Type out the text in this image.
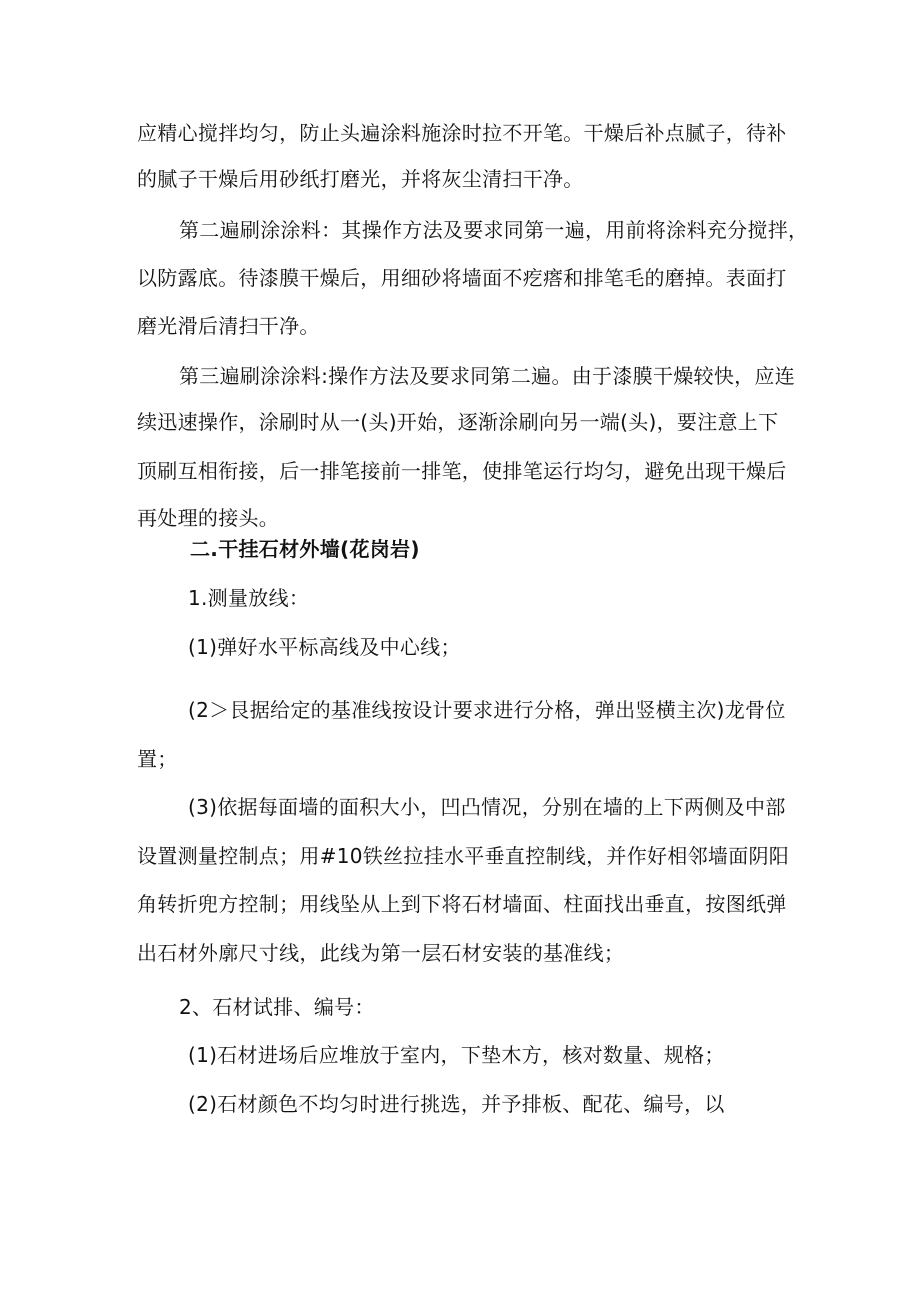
应精心搅拌均匀，防止头遍涂料施涂时拉不开笔。干燥后补点腻子，待补
的腻子干燥后用砂纸打磨光，并将灰尘清扫干净。
第二遍刷涂涂料：其操作方法及要求同第一遍，用前将涂料充分搅拌，
以防露底。待漆膜干燥后，用细砂将墙面不疙瘩和排笔毛的磨掉。表面打
磨光滑后清扫干净。
第三遍刷涂涂料:操作方法及要求同第二遍。由于漆膜干燥较快，应连
续迅速操作，涂刷时从一(头)开始，逐渐涂刷向另一端(头)，要注意上下
顶刷互相衔接，后一排笔接前一排笔，使排笔运行均匀，避免出现干燥后
再处理的接头。
二.干挂石材外墙(花岗岩)
1.测量放线：
(1)弹好水平标高线及中心线；
(2＞艮据给定的基准线按设计要求进行分格，弹出竖横主次)龙骨位
置；
(3)依据每面墙的面积大小，凹凸情况，分别在墙的上下两侧及中部
设置测量控制点；用#10铁丝拉挂水平垂直控制线，并作好相邻墙面阴阳
角转折兜方控制；用线坠从上到下将石材墙面、柱面找出垂直，按图纸弹
出石材外廓尺寸线，此线为第一层石材安装的基准线；
2、石材试排、编号：
(1)石材进场后应堆放于室内，下垫木方，核对数量、规格；
(2)石材颜色不均匀时进行挑选，并予排板、配花、编号，以
